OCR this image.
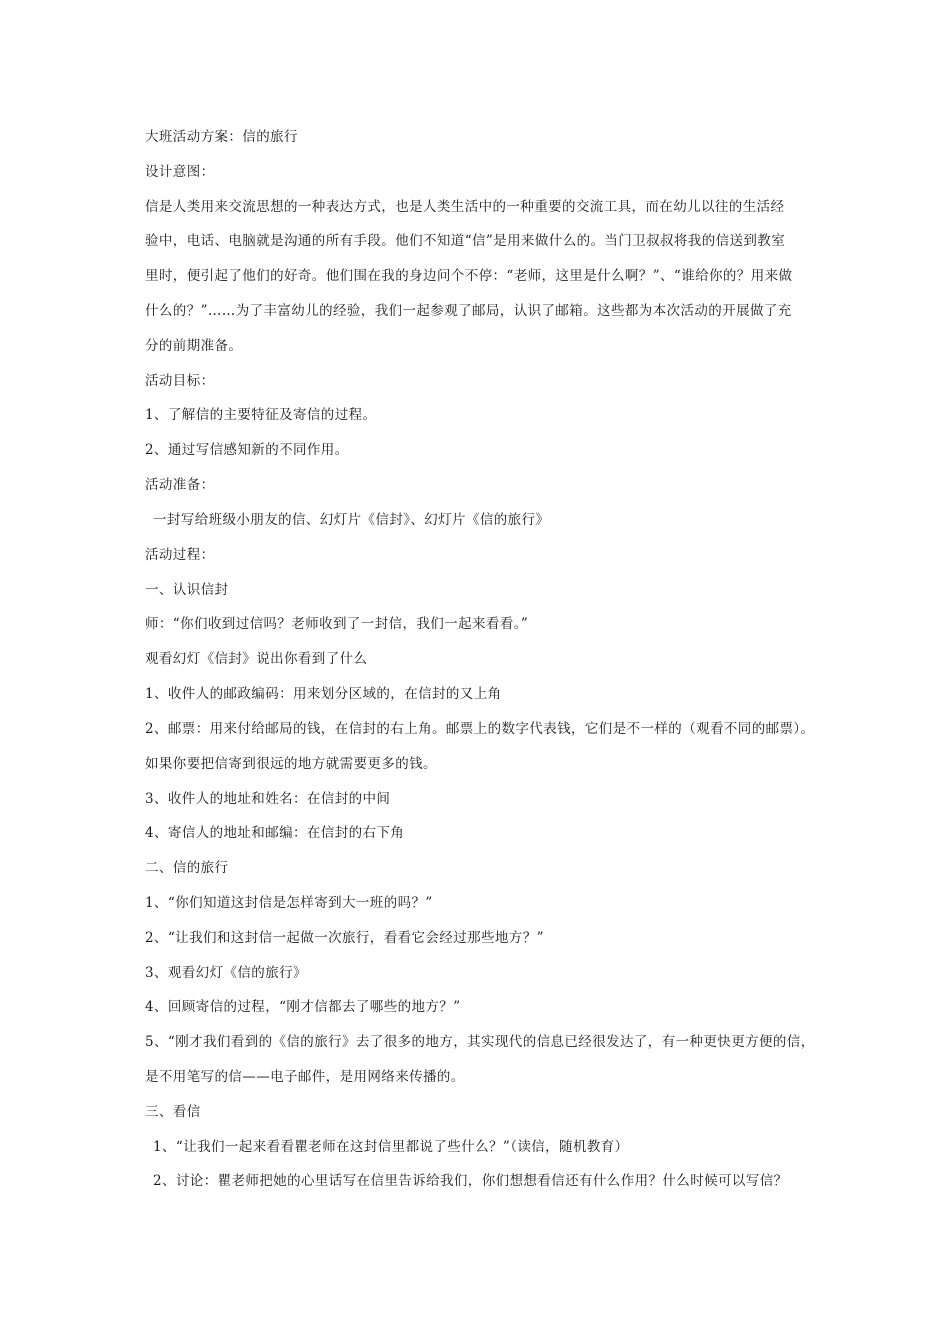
大班活动方案：信的旅行
设计意图：
信是人类用来交流思想的一种表达方式，也是人类生活中的一种重要的交流工具，而在幼儿以往的生活经
验中，电话、电脑就是沟通的所有手段。他们不知道“信”是用来做什么的。当门卫叔叔将我的信送到教室
里时，便引起了他们的好奇。他们围在我的身边问个不停：“老师，这里是什么啊？”、“谁给你的？用来做
什么的？”……为了丰富幼儿的经验，我们一起参观了邮局，认识了邮箱。这些都为本次活动的开展做了充
分的前期准备。
活动目标：
1、了解信的主要特征及寄信的过程。
2、通过写信感知新的不同作用。
活动准备：
一封写给班级小朋友的信、幻灯片《信封》、幻灯片《信的旅行》
活动过程：
一、认识信封
师：“你们收到过信吗？老师收到了一封信，我们一起来看看。”
观看幻灯《信封》说出你看到了什么
1、收件人的邮政编码：用来划分区域的，在信封的又上角
2、邮票：用来付给邮局的钱，在信封的右上角。邮票上的数字代表钱，它们是不一样的（观看不同的邮票）。
如果你要把信寄到很远的地方就需要更多的钱。
3、收件人的地址和姓名：在信封的中间
4、寄信人的地址和邮编：在信封的右下角
二、信的旅行
1、“你们知道这封信是怎样寄到大一班的吗？”
2、“让我们和这封信一起做一次旅行，看看它会经过那些地方？”
3、观看幻灯《信的旅行》
4、回顾寄信的过程，“刚才信都去了哪些的地方？”
5、“刚才我们看到的《信的旅行》去了很多的地方，其实现代的信息已经很发达了，有一种更快更方便的信，
是不用笔写的信——电子邮件，是用网络来传播的。
三、看信
1、“让我们一起来看看瞿老师在这封信里都说了些什么？”（读信，随机教育）
2、讨论：瞿老师把她的心里话写在信里告诉给我们，你们想想看信还有什么作用？什么时候可以写信？
